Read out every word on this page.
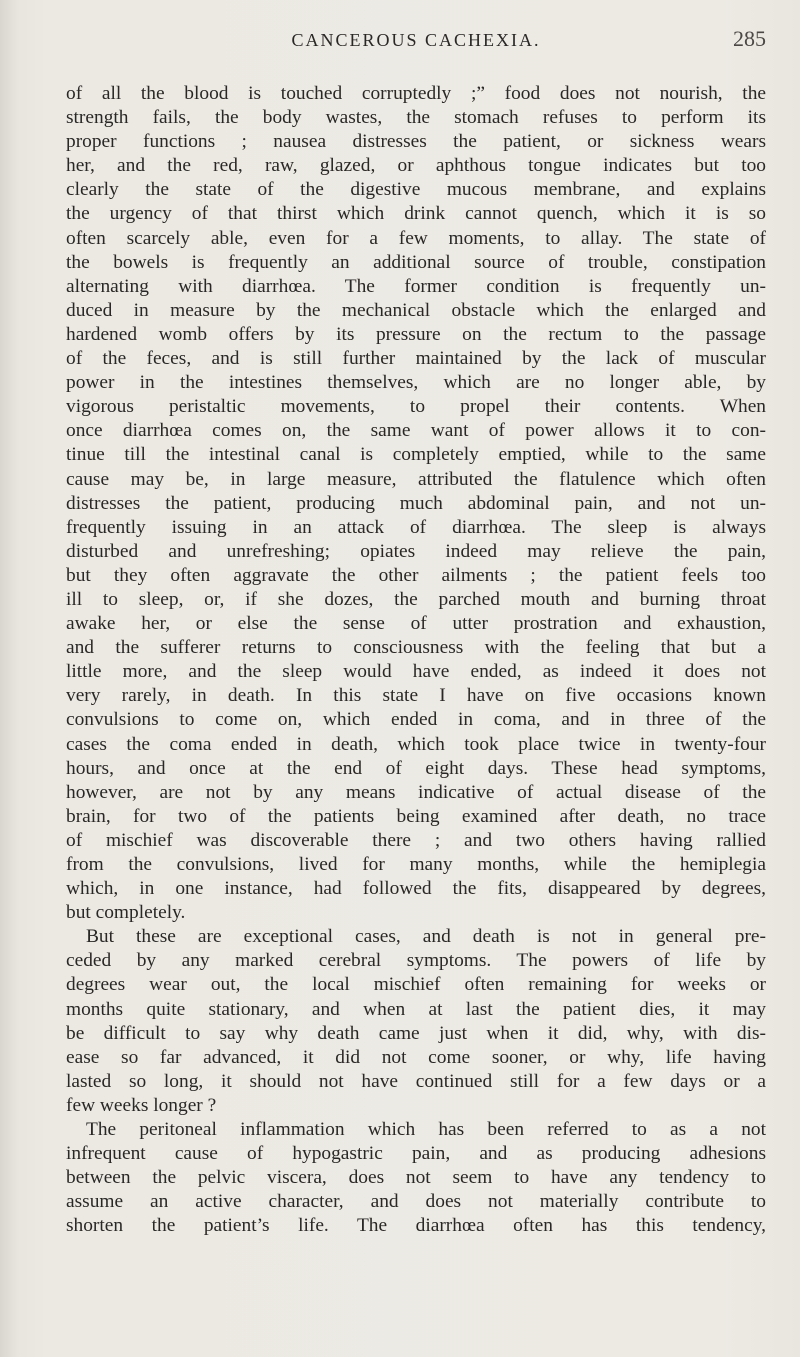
CANCEROUS CACHEXIA.	285
of all the blood is touched corruptedly ;” food does not nourish, the
strength fails, the body wastes, the stomach refuses to perform its
proper functions ; nausea distresses the patient, or sickness wears
her, and the red, raw, glazed, or aphthous tongue indicates but too
clearly the state of the digestive mucous membrane, and explains
the urgency of that thirst which drink cannot quench, which it is so
often scarcely able, even for a few moments, to allay. The state of
the bowels is frequently an additional source of trouble, constipation
alternating with diarrhœa. The former condition is frequently un-
duced in measure by the mechanical obstacle which the enlarged and
hardened womb offers by its pressure on the rectum to the passage
of the feces, and is still further maintained by the lack of muscular
power in the intestines themselves, which are no longer able, by
vigorous peristaltic movements, to propel their contents. When
once diarrhœa comes on, the same want of power allows it to con-
tinue till the intestinal canal is completely emptied, while to the same
cause may be, in large measure, attributed the flatulence which often
distresses the patient, producing much abdominal pain, and not un-
frequently issuing in an attack of diarrhœa. The sleep is always
disturbed and unrefreshing; opiates indeed may relieve the pain,
but they often aggravate the other ailments ; the patient feels too
ill to sleep, or, if she dozes, the parched mouth and burning throat
awake her, or else the sense of utter prostration and exhaustion,
and the sufferer returns to consciousness with the feeling that but a
little more, and the sleep would have ended, as indeed it does not
very rarely, in death. In this state I have on five occasions known
convulsions to come on, which ended in coma, and in three of the
cases the coma ended in death, which took place twice in twenty-four
hours, and once at the end of eight days. These head symptoms,
however, are not by any means indicative of actual disease of the
brain, for two of the patients being examined after death, no trace
of mischief was discoverable there ; and two others having rallied
from the convulsions, lived for many months, while the hemiplegia
which, in one instance, had followed the fits, disappeared by degrees,
but completely.
But these are exceptional cases, and death is not in general pre-
ceded by any marked cerebral symptoms. The powers of life by
degrees wear out, the local mischief often remaining for weeks or
months quite stationary, and when at last the patient dies, it may
be difficult to say why death came just when it did, why, with dis-
ease so far advanced, it did not come sooner, or why, life having
lasted so long, it should not have continued still for a few days or a
few weeks longer ?
The peritoneal inflammation which has been referred to as a not
infrequent cause of hypogastric pain, and as producing adhesions
between the pelvic viscera, does not seem to have any tendency to
assume an active character, and does not materially contribute to
shorten the patient’s life. The diarrhœa often has this tendency,
